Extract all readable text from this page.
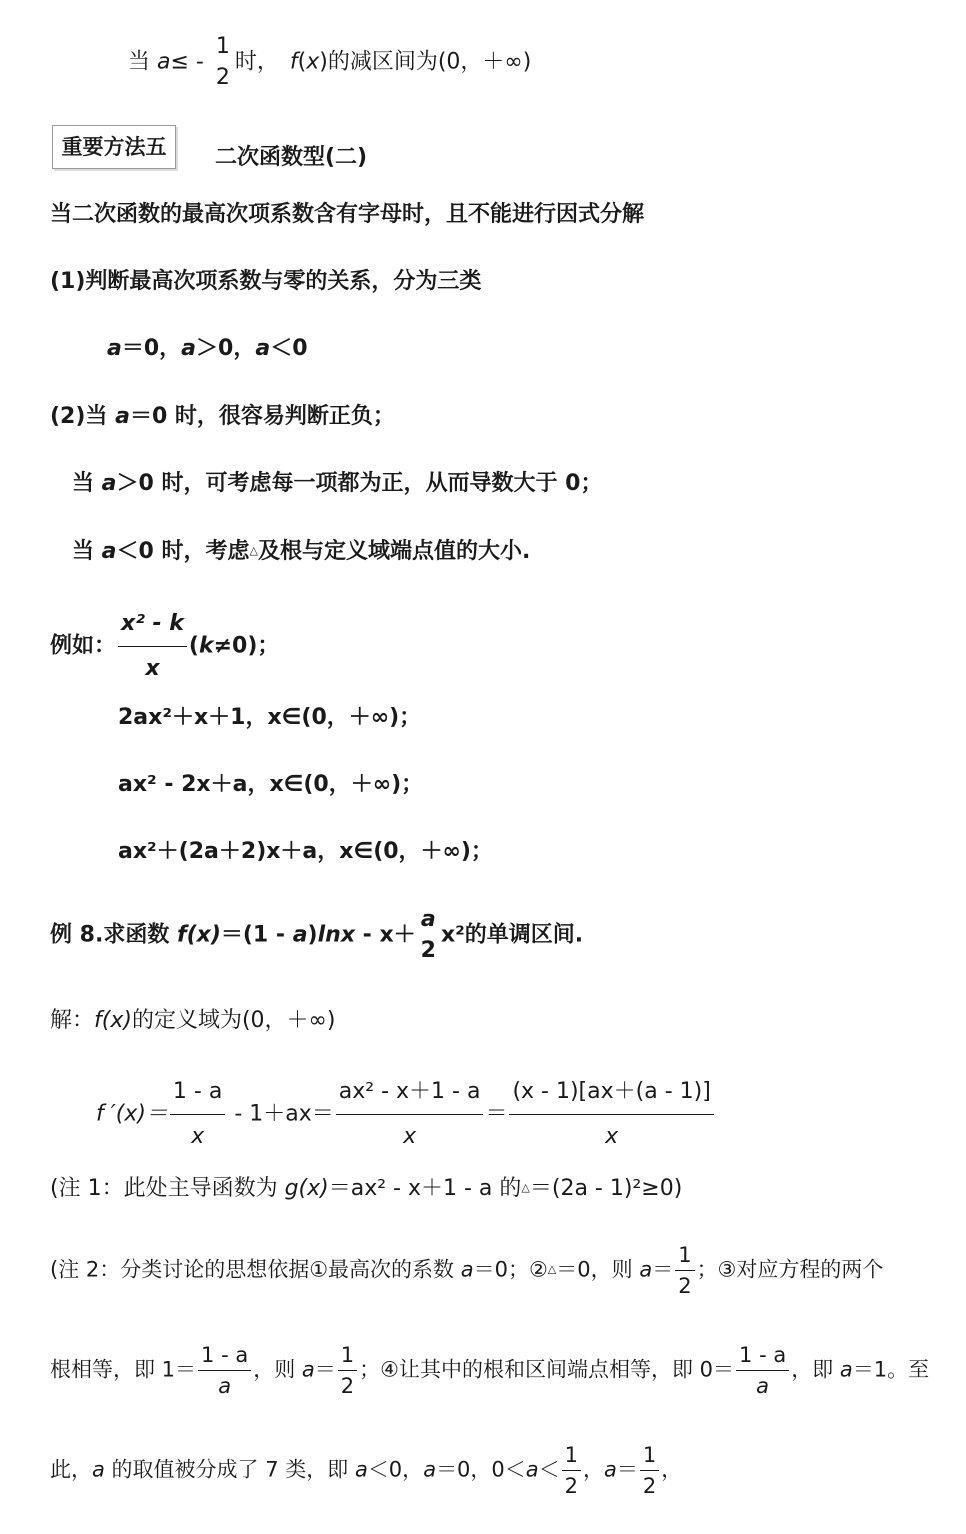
当 a≤ -
1
2
时，　f(x)的减区间为(0，＋∞)
重要方法五	二次函数型(二)
当二次函数的最高次项系数含有字母时，且不能进行因式分解
(1)判断最高次项系数与零的关系，分为三类
a＝0，a＞0，a＜0
(2)当 a＝0 时，很容易判断正负；
当 a＞0 时，可考虑每一项都为正，从而导数大于 0；
当 a＜0 时，考虑△及根与定义域端点值的大小.
例如： $\frac{\text{x² - k}}{x} (k\ne 0)$；
2ax²＋x＋1，x∈(0，＋∞)；
ax² - 2x＋a，x∈(0，＋∞)；
ax²＋(2a＋2)x＋a，x∈(0，＋∞)；
例 8.求函数 f(x)＝(1 - a)lnx - x＋
a
2
x²的单调区间.
解：f(x)的定义域为(0，＋∞)
f $'(x)= \frac{1 - a}{x} - 1+ax= \frac{\text{ax² - x＋1 - a}}{x} = \frac{(x - 1)[ax+(a - 1)]}{x}$
(注 1：此处主导函数为 g(x)＝ax² - x＋1 - a 的△＝(2a - 1)²≥0)
(注 2：分类讨论的思想依据①最高次的系数 a＝0；②△＝0，则 $a= \frac{1}{2}$ ；③对应方程的两个
根相等，即 $1= \frac{1 - a}{a}$ ，则 $a= \frac{1}{2}$ ；④让其中的根和区间端点相等，即 $0= \frac{1 - a}{a}$ ，即 a＝1。至
此，a 的取值被分成了 7 类，即 a＜0，a＝0，$0<a< \frac{1}{2}$ ，$a= \frac{1}{2}$ ，
